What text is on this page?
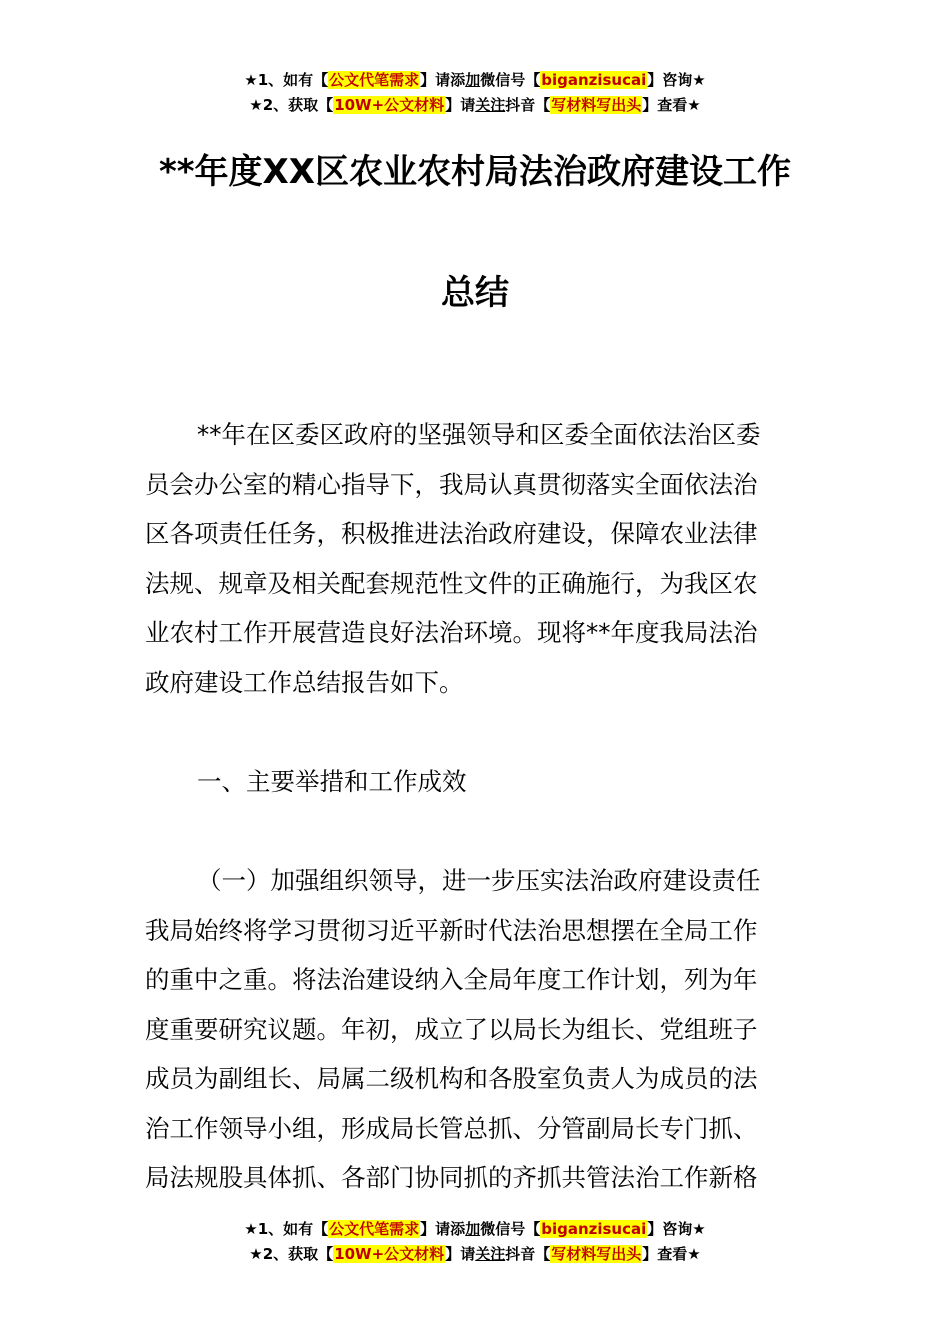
★1、如有【公文代笔需求】请添加微信号【biganzisucai】咨询★
★2、获取【10W+公文材料】请关注抖音【写材料写出头】查看★
**年度XX区农业农村局法治政府建设工作
总结
**年在区委区政府的坚强领导和区委全面依法治区委
员会办公室的精心指导下，我局认真贯彻落实全面依法治
区各项责任任务，积极推进法治政府建设，保障农业法律
法规、规章及相关配套规范性文件的正确施行，为我区农
业农村工作开展营造良好法治环境。现将**年度我局法治
政府建设工作总结报告如下。
一、主要举措和工作成效
（一）加强组织领导，进一步压实法治政府建设责任
我局始终将学习贯彻习近平新时代法治思想摆在全局工作
的重中之重。将法治建设纳入全局年度工作计划，列为年
度重要研究议题。年初，成立了以局长为组长、党组班子
成员为副组长、局属二级机构和各股室负责人为成员的法
治工作领导小组，形成局长管总抓、分管副局长专门抓、
局法规股具体抓、各部门协同抓的齐抓共管法治工作新格
★1、如有【公文代笔需求】请添加微信号【biganzisucai】咨询★
★2、获取【10W+公文材料】请关注抖音【写材料写出头】查看★
